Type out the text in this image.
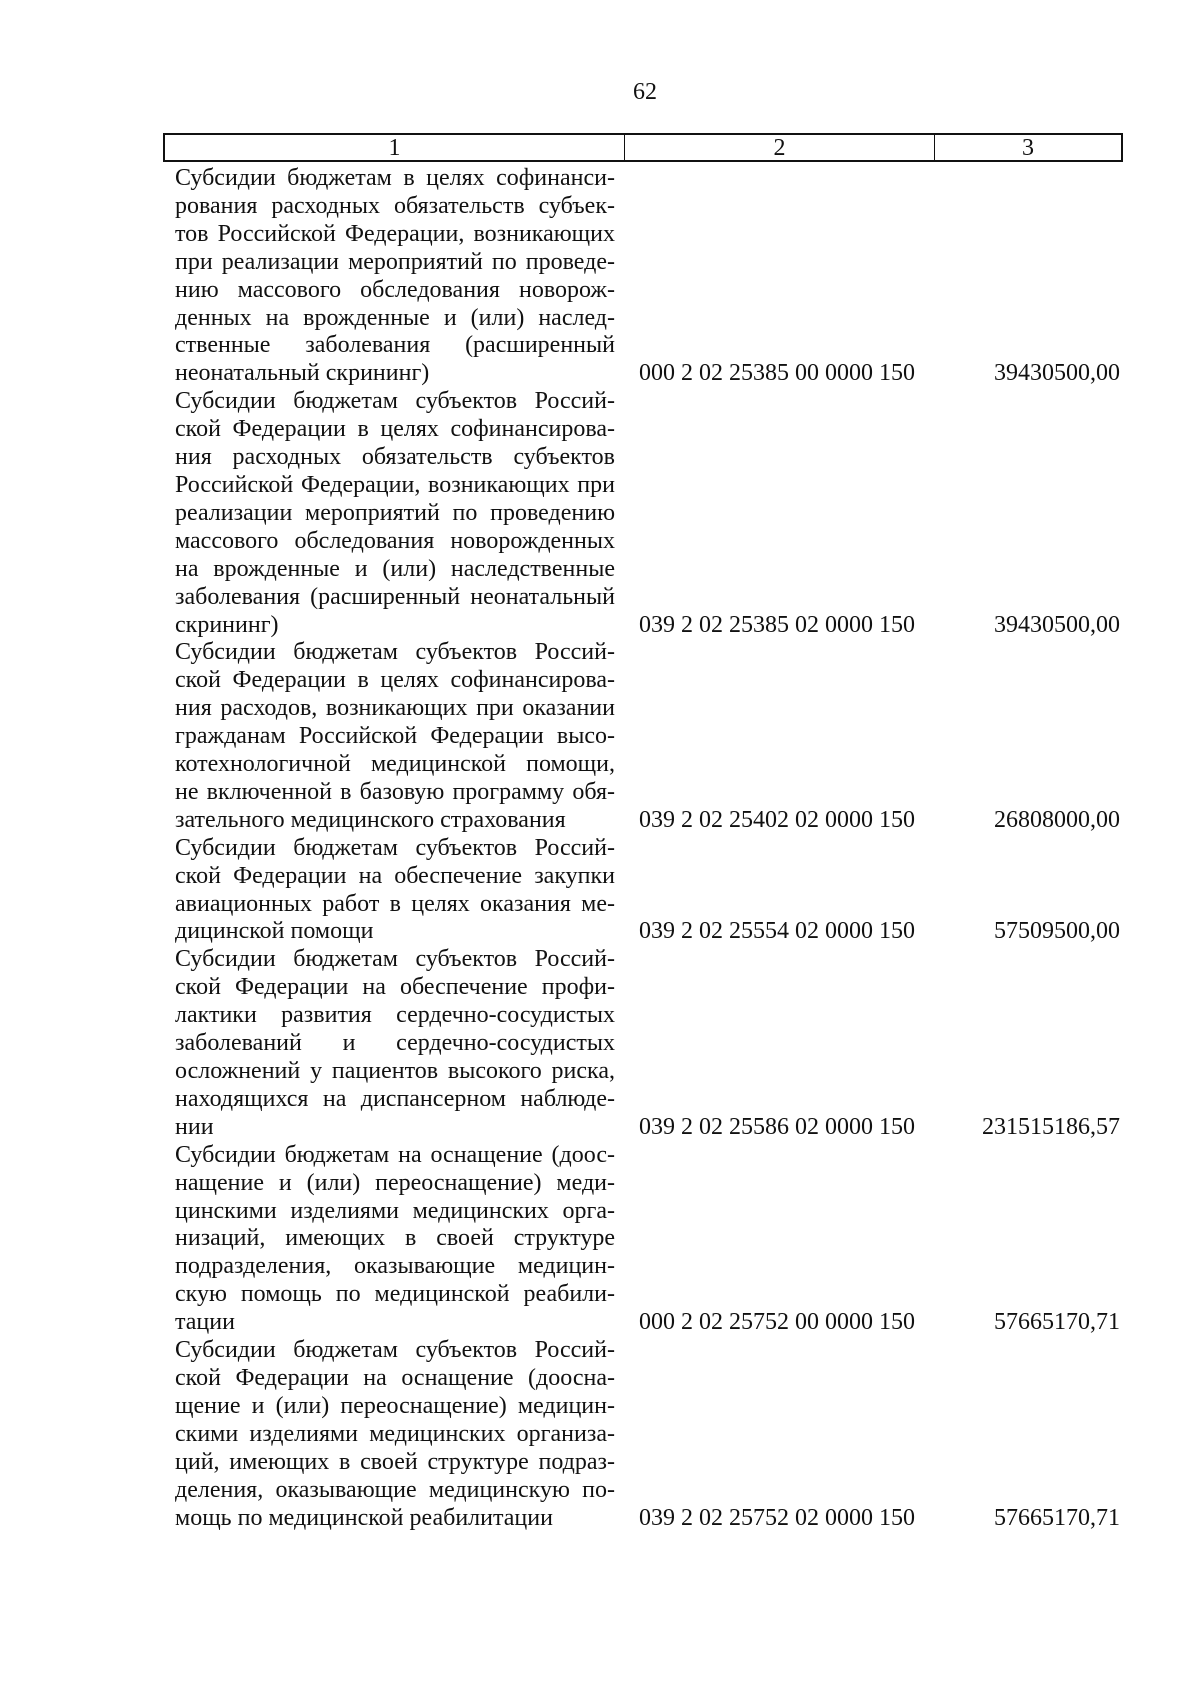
62
1	2	3
Субсидии бюджетам в целях софинансирования расходных обязательств субъектов Российской Федерации, возникающих при реализации мероприятий по проведению массового обследования новорожденных на врожденные и (или) наследственные заболевания (расширенный неонатальный скрининг)	000 2 02 25385 00 0000 150	39430500,00
Субсидии бюджетам субъектов Российской Федерации в целях софинансирования расходных обязательств субъектов Российской Федерации, возникающих при реализации мероприятий по проведению массового обследования новорожденных на врожденные и (или) наследственные заболевания (расширенный неонатальный скрининг)	039 2 02 25385 02 0000 150	39430500,00
Субсидии бюджетам субъектов Российской Федерации в целях софинансирования расходов, возникающих при оказании гражданам Российской Федерации высокотехнологичной медицинской помощи, не включенной в базовую программу обязательного медицинского страхования	039 2 02 25402 02 0000 150	26808000,00
Субсидии бюджетам субъектов Российской Федерации на обеспечение закупки авиационных работ в целях оказания медицинской помощи	039 2 02 25554 02 0000 150	57509500,00
Субсидии бюджетам субъектов Российской Федерации на обеспечение профилактики развития сердечно-сосудистых заболеваний и сердечно-сосудистых осложнений у пациентов высокого риска, находящихся на диспансерном наблюдении	039 2 02 25586 02 0000 150	231515186,57
Субсидии бюджетам на оснащение (дооснащение и (или) переоснащение) медицинскими изделиями медицинских организаций, имеющих в своей структуре подразделения, оказывающие медицинскую помощь по медицинской реабилитации	000 2 02 25752 00 0000 150	57665170,71
Субсидии бюджетам субъектов Российской Федерации на оснащение (дооснащение и (или) переоснащение) медицинскими изделиями медицинских организаций, имеющих в своей структуре подразделения, оказывающие медицинскую помощь по медицинской реабилитации	039 2 02 25752 02 0000 150	57665170,71
